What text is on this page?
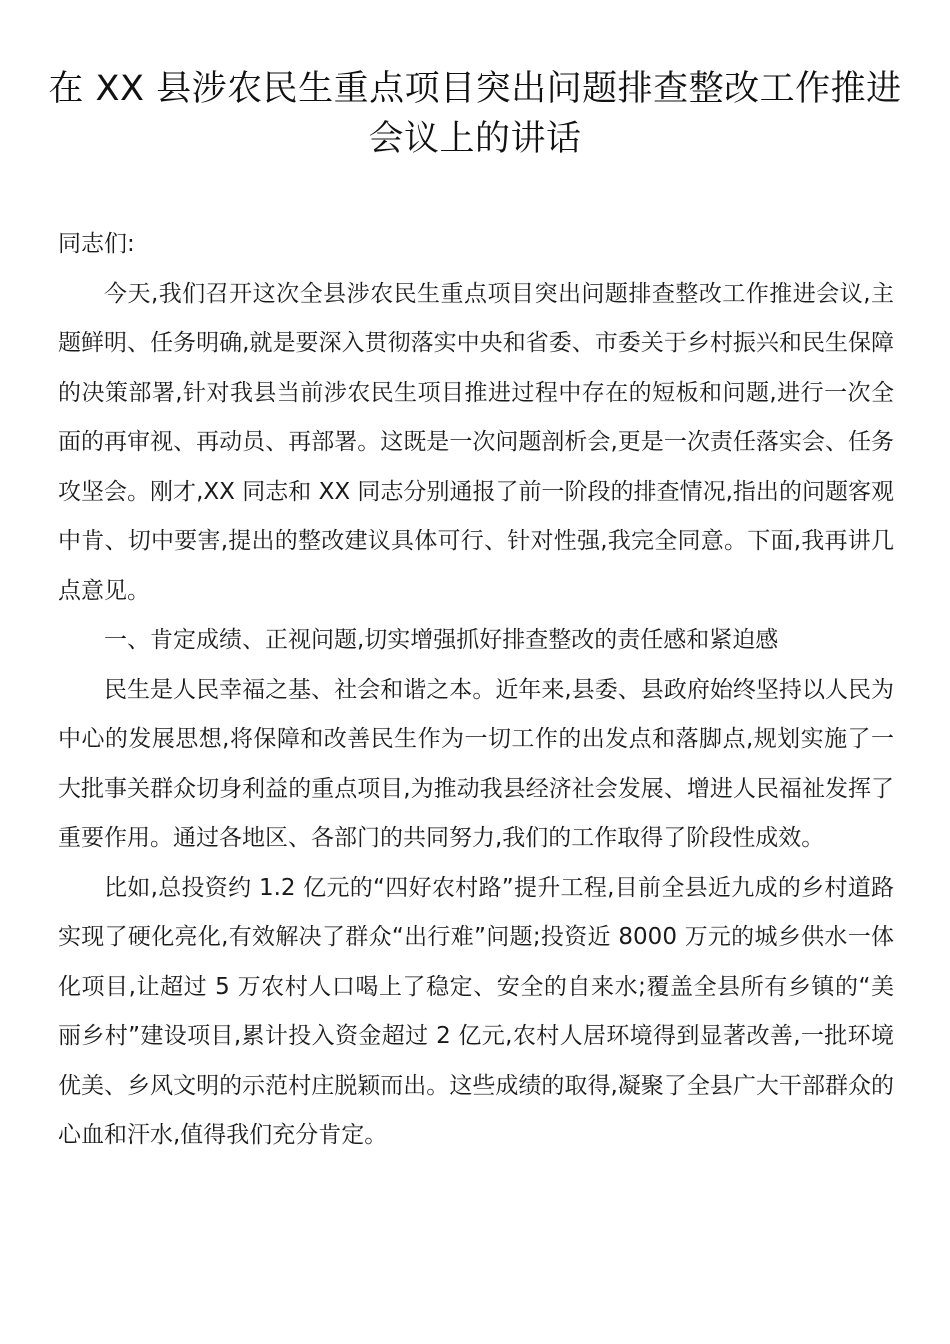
在 XX 县涉农民生重点项目突出问题排查整改工作推进
会议上的讲话

同志们:

今天,我们召开这次全县涉农民生重点项目突出问题排查整改工作推进会议,主题鲜明、任务明确,就是要深入贯彻落实中央和省委、市委关于乡村振兴和民生保障的决策部署,针对我县当前涉农民生项目推进过程中存在的短板和问题,进行一次全面的再审视、再动员、再部署。这既是一次问题剖析会,更是一次责任落实会、任务攻坚会。刚才,XX 同志和 XX 同志分别通报了前一阶段的排查情况,指出的问题客观中肯、切中要害,提出的整改建议具体可行、针对性强,我完全同意。下面,我再讲几点意见。

一、肯定成绩、正视问题,切实增强抓好排查整改的责任感和紧迫感

民生是人民幸福之基、社会和谐之本。近年来,县委、县政府始终坚持以人民为中心的发展思想,将保障和改善民生作为一切工作的出发点和落脚点,规划实施了一大批事关群众切身利益的重点项目,为推动我县经济社会发展、增进人民福祉发挥了重要作用。通过各地区、各部门的共同努力,我们的工作取得了阶段性成效。

比如,总投资约 1.2 亿元的“四好农村路”提升工程,目前全县近九成的乡村道路实现了硬化亮化,有效解决了群众“出行难”问题;投资近 8000 万元的城乡供水一体化项目,让超过 5 万农村人口喝上了稳定、安全的自来水;覆盖全县所有乡镇的“美丽乡村”建设项目,累计投入资金超过 2 亿元,农村人居环境得到显著改善,一批环境优美、乡风文明的示范村庄脱颖而出。这些成绩的取得,凝聚了全县广大干部群众的心血和汗水,值得我们充分肯定。
